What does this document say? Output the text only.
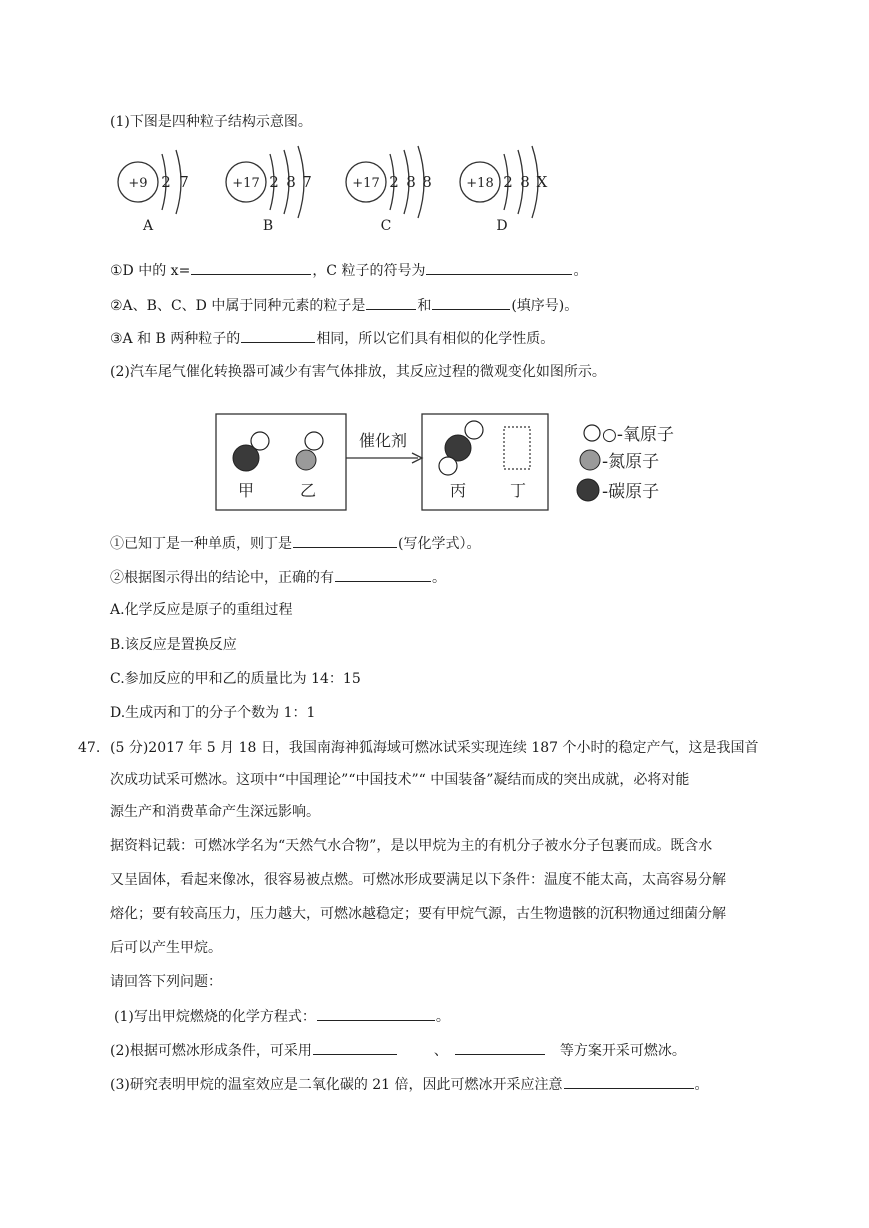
(1)下图是四种粒子结构示意图。
+9 2 7
A
+17 2 8 7
B
+17 2 8 8
C
+18 2 8 X
D
①D 中的 x=	，C 粒子的符号为	。
②A、B、C、D 中属于同种元素的粒子是	和	(填序号)。
③A 和 B 两种粒子的	相同，所以它们具有相似的化学性质。
(2)汽车尾气催化转换器可减少有害气体排放，其反应过程的微观变化如图所示。
甲	乙
催化剂
丙	丁
○-氧原子
-氮原子
-碳原子
①已知丁是一种单质，则丁是	(写化学式）。
②根据图示得出的结论中，正确的有	。
A.化学反应是原子的重组过程
B.该反应是置换反应
C.参加反应的甲和乙的质量比为 14：15
D.生成丙和丁的分子个数为 1：1
47. (5 分)2017 年 5 月 18 日，我国南海神狐海域可燃冰试采实现连续 187 个小时的稳定产气，这是我国首
次成功试采可燃冰。这项中“中国理论”“中国技术”“ 中国装备”凝结而成的突出成就，必将对能
源生产和消费革命产生深远影响。
据资料记载：可燃冰学名为“天然气水合物”，是以甲烷为主的有机分子被水分子包裹而成。既含水
又呈固体，看起来像冰，很容易被点燃。可燃冰形成要满足以下条件：温度不能太高，太高容易分解
熔化；要有较高压力，压力越大，可燃冰越稳定；要有甲烷气源，古生物遗骸的沉积物通过细菌分解
后可以产生甲烷。
请回答下列问题：
(1)写出甲烷燃烧的化学方程式：	。
(2)根据可燃冰形成条件，可采用	、	等方案开采可燃冰。
(3)研究表明甲烷的温室效应是二氧化碳的 21 倍，因此可燃冰开采应注意	。
